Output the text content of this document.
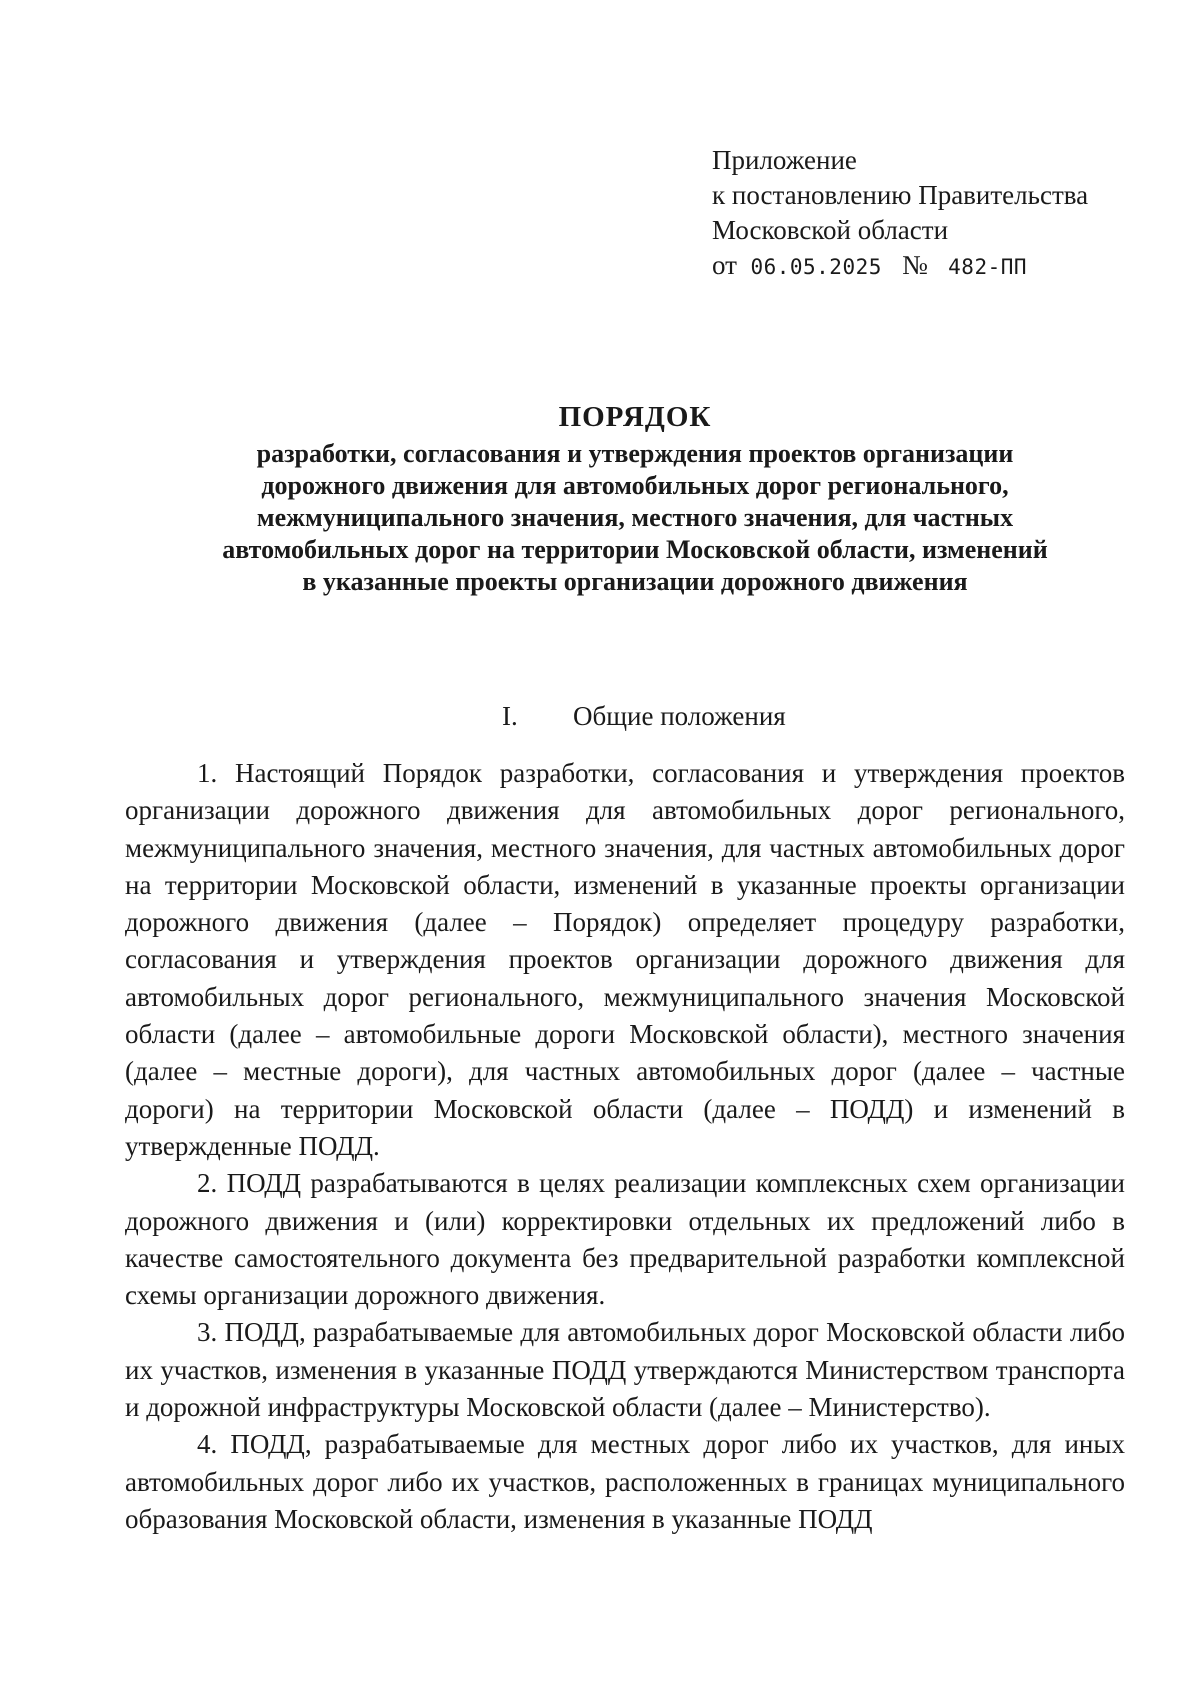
Приложение
к постановлению Правительства
Московской области
от 06.05.2025 № 482-ПП
ПОРЯДОК
разработки, согласования и утверждения проектов организации
дорожного движения для автомобильных дорог регионального,
межмуниципального значения, местного значения, для частных
автомобильных дорог на территории Московской области, изменений
в указанные проекты организации дорожного движения
I. Общие положения

1. Настоящий Порядок разработки, согласования и утверждения проектов организации дорожного движения для автомобильных дорог регионального, межмуниципального значения, местного значения, для частных автомобильных дорог на территории Московской области, изменений в указанные проекты организации дорожного движения (далее – Порядок) определяет процедуру разработки, согласования и утверждения проектов организации дорожного движения для автомобильных дорог регионального, межмуниципального значения Московской области (далее – автомобильные дороги Московской области), местного значения (далее – местные дороги), для частных автомобильных дорог (далее – частные дороги) на территории Московской области (далее – ПОДД) и изменений в утвержденные ПОДД.

2. ПОДД разрабатываются в целях реализации комплексных схем организации дорожного движения и (или) корректировки отдельных их предложений либо в качестве самостоятельного документа без предварительной разработки комплексной схемы организации дорожного движения.

3. ПОДД, разрабатываемые для автомобильных дорог Московской области либо их участков, изменения в указанные ПОДД утверждаются Министерством транспорта и дорожной инфраструктуры Московской области (далее – Министерство).

4. ПОДД, разрабатываемые для местных дорог либо их участков, для иных автомобильных дорог либо их участков, расположенных в границах муниципального образования Московской области, изменения в указанные ПОДД
